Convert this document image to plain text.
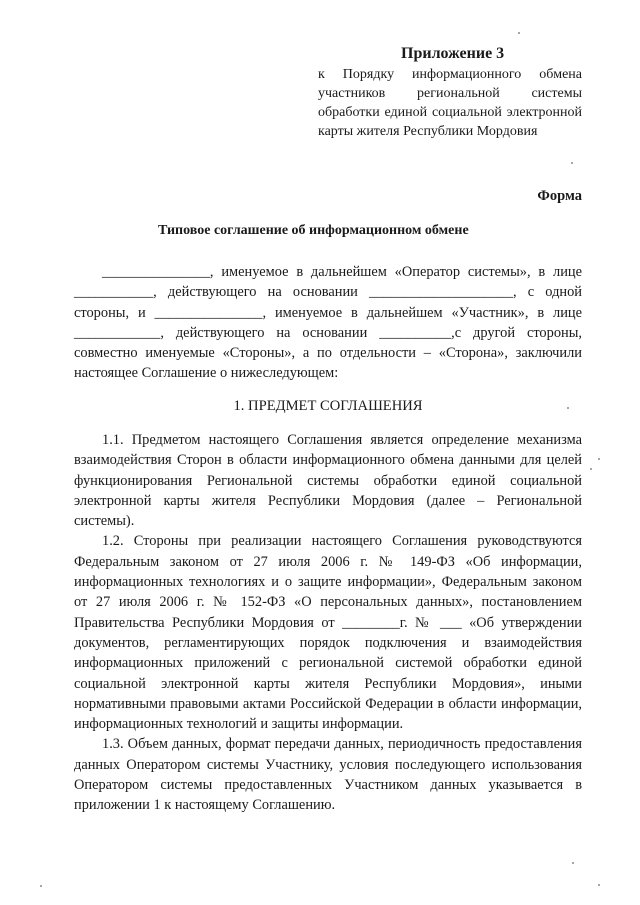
Приложение 3
к Порядку информационного обмена участников региональной системы обработки единой социальной электронной карты жителя Республики Мордовия
Форма
Типовое соглашение об информационном обмене

_______________, именуемое в дальнейшем «Оператор системы», в лице ___________, действующего на основании ____________________, с одной стороны, и _______________, именуемое в дальнейшем «Участник», в лице ____________, действующего на основании __________,с другой стороны, совместно именуемые «Стороны», а по отдельности – «Сторона», заключили настоящее Соглашение о нижеследующем:

1. ПРЕДМЕТ СОГЛАШЕНИЯ

1.1. Предметом настоящего Соглашения является определение механизма взаимодействия Сторон в области информационного обмена данными для целей функционирования Региональной системы обработки единой социальной электронной карты жителя Республики Мордовия (далее – Региональной системы).

1.2. Стороны при реализации настоящего Соглашения руководствуются Федеральным законом от 27 июля 2006 г. № 149-ФЗ «Об информации, информационных технологиях и о защите информации», Федеральным законом от 27 июля 2006 г. № 152-ФЗ «О персональных данных», постановлением Правительства Республики Мордовия от ________г. № ___ «Об утверждении документов, регламентирующих порядок подключения и взаимодействия информационных приложений с региональной системой обработки единой социальной электронной карты жителя Республики Мордовия», иными нормативными правовыми актами Российской Федерации в области информации, информационных технологий и защиты информации.

1.3. Объем данных, формат передачи данных, периодичность предоставления данных Оператором системы Участнику, условия последующего использования Оператором системы предоставленных Участником данных указывается в приложении 1 к настоящему Соглашению.
